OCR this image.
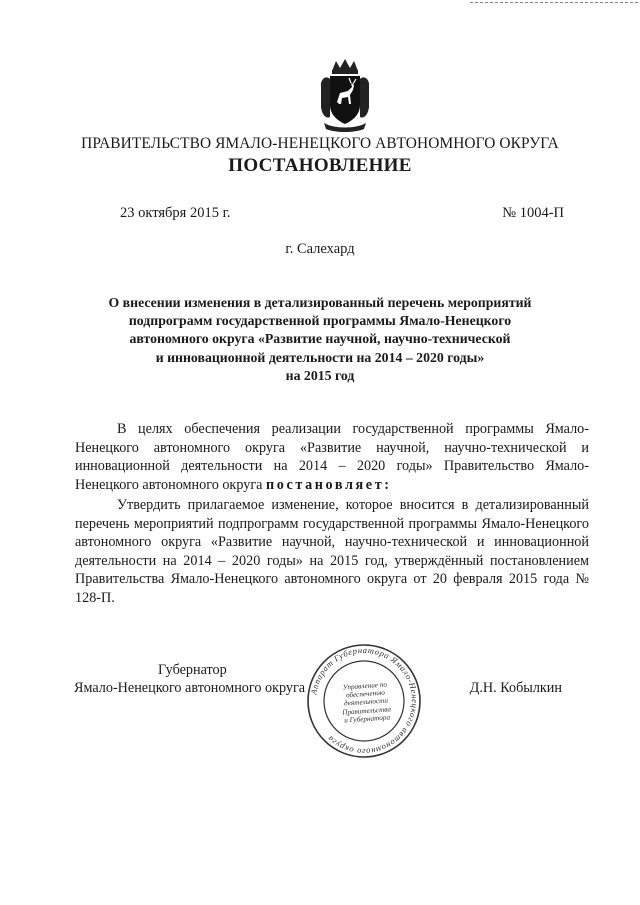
ПРАВИТЕЛЬСТВО ЯМАЛО-НЕНЕЦКОГО АВТОНОМНОГО ОКРУГА
ПОСТАНОВЛЕНИЕ
23 октября 2015 г.	№ 1004-П
г. Салехард
О внесении изменения в детализированный перечень мероприятий
подпрограмм государственной программы Ямало-Ненецкого
автономного округа «Развитие научной, научно-технической
и инновационной деятельности на 2014 – 2020 годы»
на 2015 год
В целях обеспечения реализации государственной программы Ямало-Ненецкого автономного округа «Развитие научной, научно-технической и инновационной деятельности на 2014 – 2020 годы» Правительство Ямало-Ненецкого автономного округа постановляет:
Утвердить прилагаемое изменение, которое вносится в детализированный перечень мероприятий подпрограмм государственной программы Ямало-Ненецкого автономного округа «Развитие научной, научно-технической и инновационной деятельности на 2014 – 2020 годы» на 2015 год, утверждённый постановлением Правительства Ямало-Ненецкого автономного округа от 20 февраля 2015 года № 128-П.
Губернатор
Ямало-Ненецкого автономного округа	Д.Н. Кобылкин
Аппарат Губернатора Ямало-Ненецкого автономного округа
Управление по
обеспечению
деятельности
Правительства
и Губернатора
